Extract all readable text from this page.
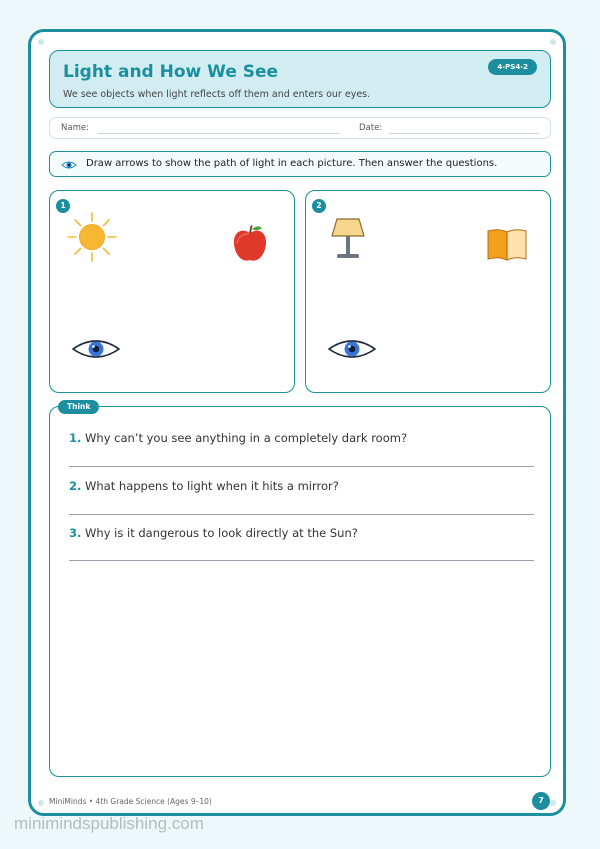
Light and How We See
We see objects when light reflects off them and enters our eyes.
4-PS4-2
Name:	Date:
Draw arrows to show the path of light in each picture. Then answer the questions.
1	2
Think
1. Why can’t you see anything in a completely dark room?
2. What happens to light when it hits a mirror?
3. Why is it dangerous to look directly at the Sun?
MiniMinds • 4th Grade Science (Ages 9–10)	7
minimindspublishing.com
